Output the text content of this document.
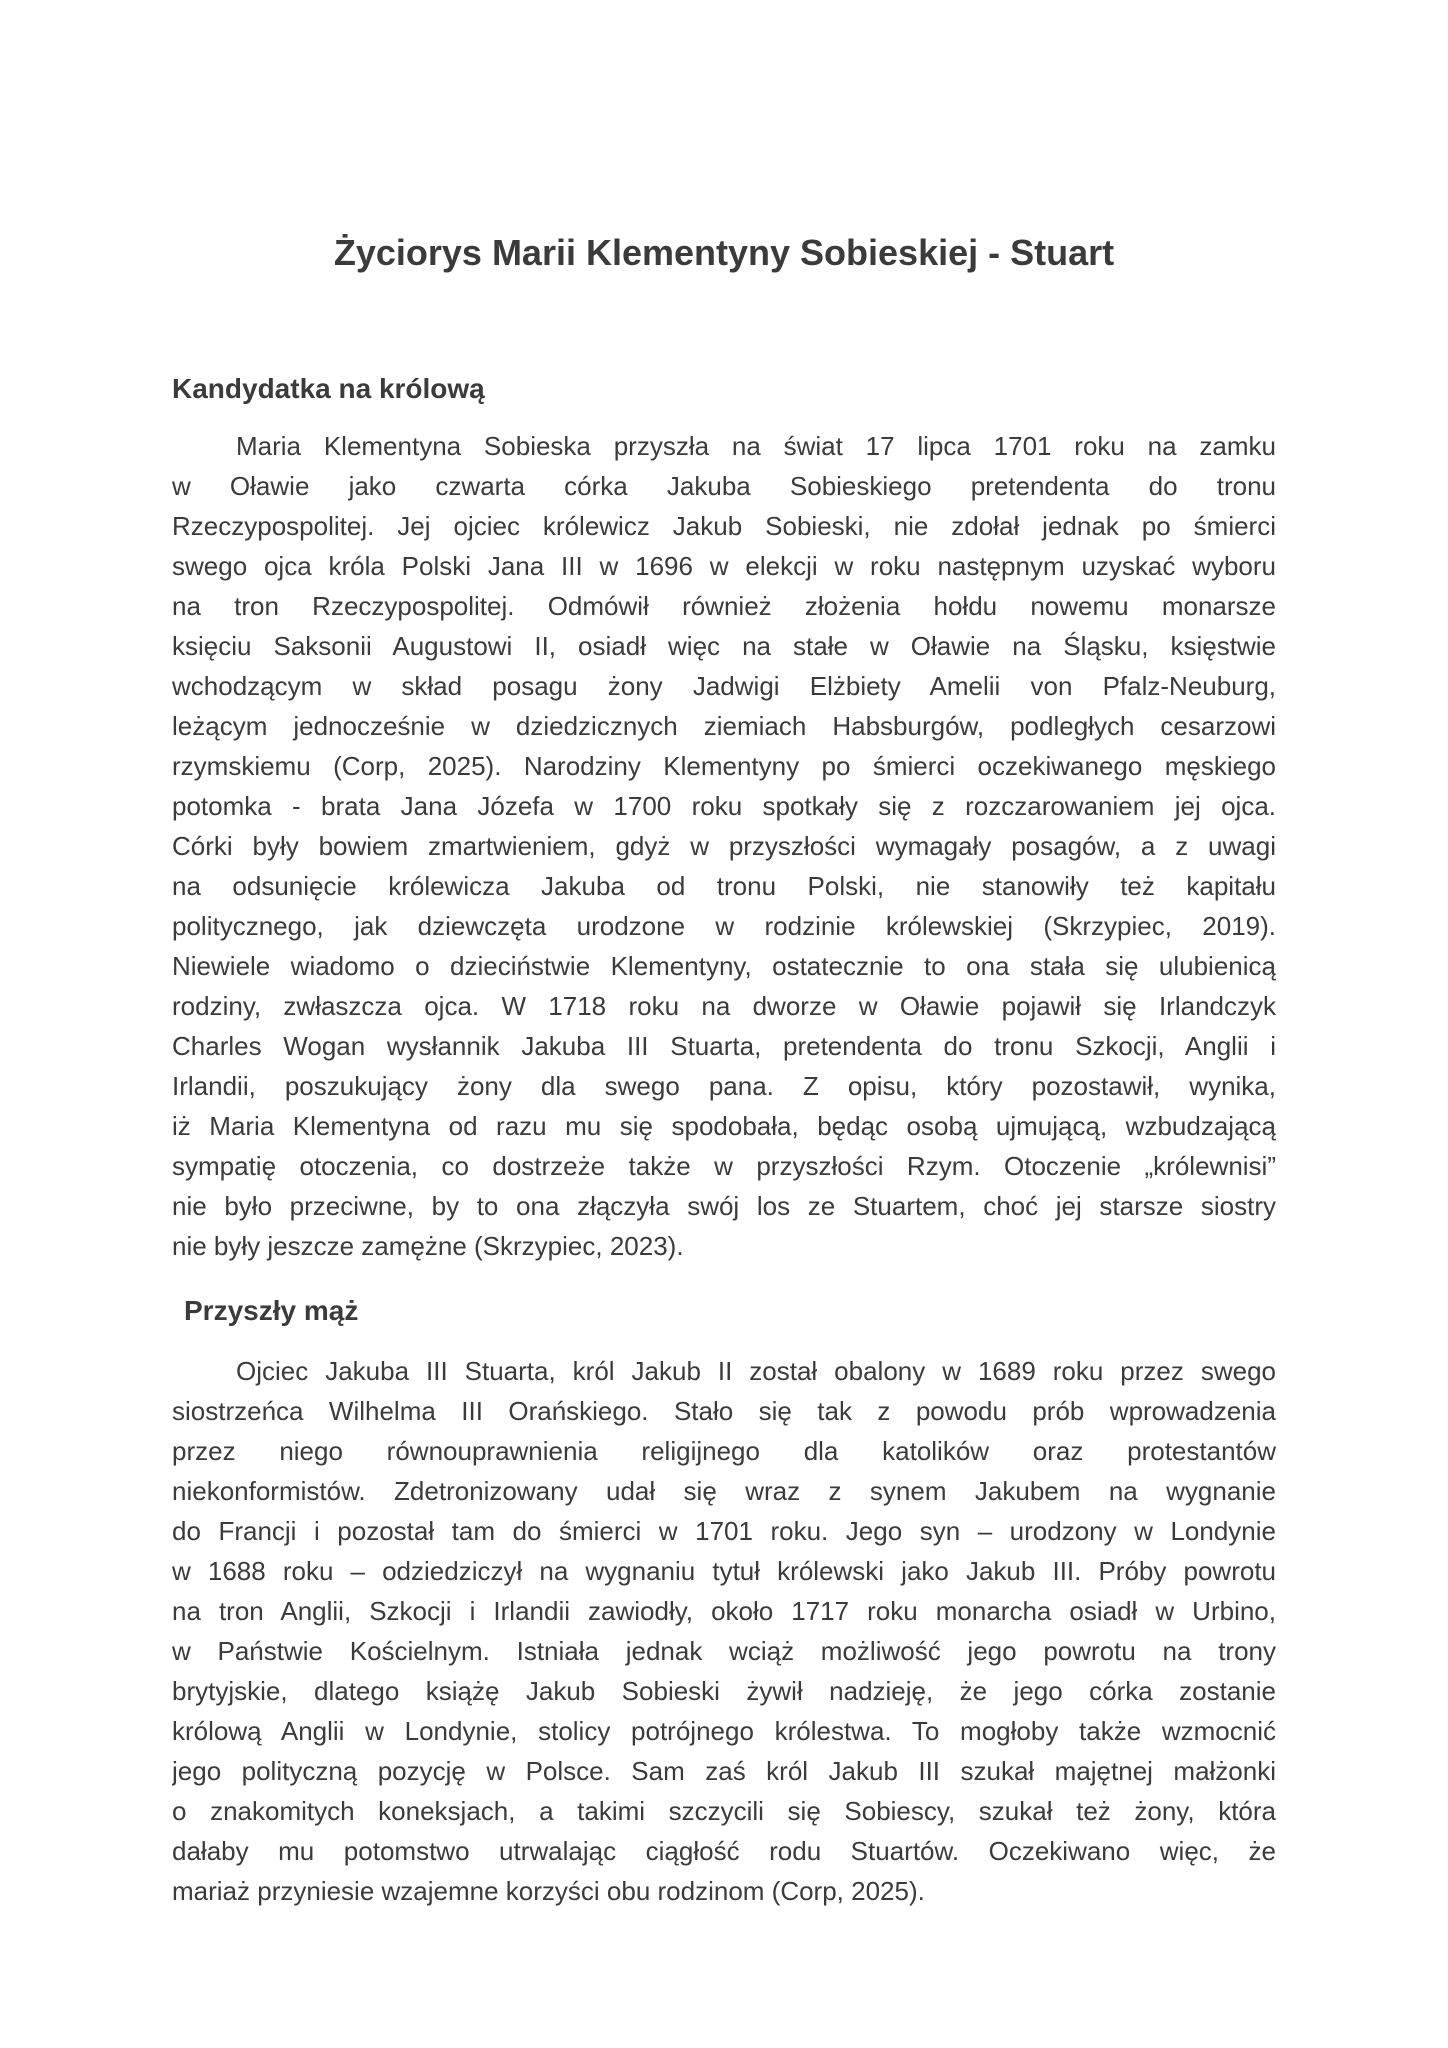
Życiorys Marii Klementyny Sobieskiej - Stuart
Kandydatka na królową
Maria Klementyna Sobieska przyszła na świat 17 lipca 1701 roku na zamku
w Oławie jako czwarta córka Jakuba Sobieskiego pretendenta do tronu
Rzeczypospolitej. Jej ojciec królewicz Jakub Sobieski, nie zdołał jednak po śmierci
swego ojca króla Polski Jana III w 1696 w elekcji w roku następnym uzyskać wyboru
na tron Rzeczypospolitej. Odmówił również złożenia hołdu nowemu monarsze
księciu Saksonii Augustowi II, osiadł więc na stałe w Oławie na Śląsku, księstwie
wchodzącym w skład posagu żony Jadwigi Elżbiety Amelii von Pfalz-Neuburg,
leżącym jednocześnie w dziedzicznych ziemiach Habsburgów, podległych cesarzowi
rzymskiemu (Corp, 2025). Narodziny Klementyny po śmierci oczekiwanego męskiego
potomka - brata Jana Józefa w 1700 roku spotkały się z rozczarowaniem jej ojca.
Córki były bowiem zmartwieniem, gdyż w przyszłości wymagały posagów, a z uwagi
na odsunięcie królewicza Jakuba od tronu Polski, nie stanowiły też kapitału
politycznego, jak dziewczęta urodzone w rodzinie królewskiej (Skrzypiec, 2019).
Niewiele wiadomo o dzieciństwie Klementyny, ostatecznie to ona stała się ulubienicą
rodziny, zwłaszcza ojca. W 1718 roku na dworze w Oławie pojawił się Irlandczyk
Charles Wogan wysłannik Jakuba III Stuarta, pretendenta do tronu Szkocji, Anglii i
Irlandii, poszukujący żony dla swego pana. Z opisu, który pozostawił, wynika,
iż Maria Klementyna od razu mu się spodobała, będąc osobą ujmującą, wzbudzającą
sympatię otoczenia, co dostrzeże także w przyszłości Rzym. Otoczenie „królewnisi”
nie było przeciwne, by to ona złączyła swój los ze Stuartem, choć jej starsze siostry
nie były jeszcze zamężne (Skrzypiec, 2023).
Przyszły mąż
Ojciec Jakuba III Stuarta, król Jakub II został obalony w 1689 roku przez swego
siostrzeńca Wilhelma III Orańskiego. Stało się tak z powodu prób wprowadzenia
przez niego równouprawnienia religijnego dla katolików oraz protestantów
niekonformistów. Zdetronizowany udał się wraz z synem Jakubem na wygnanie
do Francji i pozostał tam do śmierci w 1701 roku. Jego syn – urodzony w Londynie
w 1688 roku – odziedziczył na wygnaniu tytuł królewski jako Jakub III. Próby powrotu
na tron Anglii, Szkocji i Irlandii zawiodły, około 1717 roku monarcha osiadł w Urbino,
w Państwie Kościelnym. Istniała jednak wciąż możliwość jego powrotu na trony
brytyjskie, dlatego książę Jakub Sobieski żywił nadzieję, że jego córka zostanie
królową Anglii w Londynie, stolicy potrójnego królestwa. To mogłoby także wzmocnić
jego polityczną pozycję w Polsce. Sam zaś król Jakub III szukał majętnej małżonki
o znakomitych koneksjach, a takimi szczycili się Sobiescy, szukał też żony, która
dałaby mu potomstwo utrwalając ciągłość rodu Stuartów. Oczekiwano więc, że
mariaż przyniesie wzajemne korzyści obu rodzinom (Corp, 2025).
